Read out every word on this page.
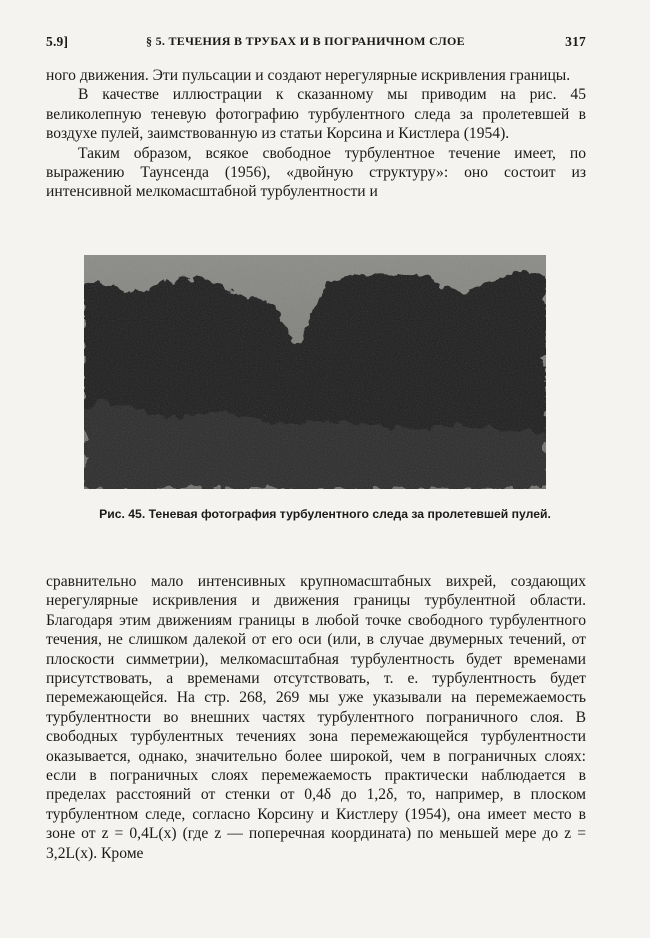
5.9]	§ 5. ТЕЧЕНИЯ В ТРУБАХ И В ПОГРАНИЧНОМ СЛОЕ	317

ного движения. Эти пульсации и создают нерегулярные искривления границы.

В качестве иллюстрации к сказанному мы приводим на рис. 45 великолепную теневую фотографию турбулентного следа за пролетевшей в воздухе пулей, заимствованную из статьи Корсина и Кистлера (1954).

Таким образом, всякое свободное турбулентное течение имеет, по выражению Таунсенда (1956), «двойную структуру»: оно состоит из интенсивной мелкомасштабной турбулентности и

Рис. 45. Теневая фотография турбулентного следа за пролетевшей пулей.

сравнительно мало интенсивных крупномасштабных вихрей, создающих нерегулярные искривления и движения границы турбулентной области. Благодаря этим движениям границы в любой точке свободного турбулентного течения, не слишком далекой от его оси (или, в случае двумерных течений, от плоскости симметрии), мелкомасштабная турбулентность будет временами присутствовать, а временами отсутствовать, т. е. турбулентность будет перемежающейся. На стр. 268, 269 мы уже указывали на перемежаемость турбулентности во внешних частях турбулентного пограничного слоя. В свободных турбулентных течениях зона перемежающейся турбулентности оказывается, однако, значительно более широкой, чем в пограничных слоях: если в пограничных слоях перемежаемость практически наблюдается в пределах расстояний от стенки от 0,4δ до 1,2δ, то, например, в плоском турбулентном следе, согласно Корсину и Кистлеру (1954), она имеет место в зоне от z = 0,4L(x) (где z — поперечная координата) по меньшей мере до z = 3,2L(x). Кроме
